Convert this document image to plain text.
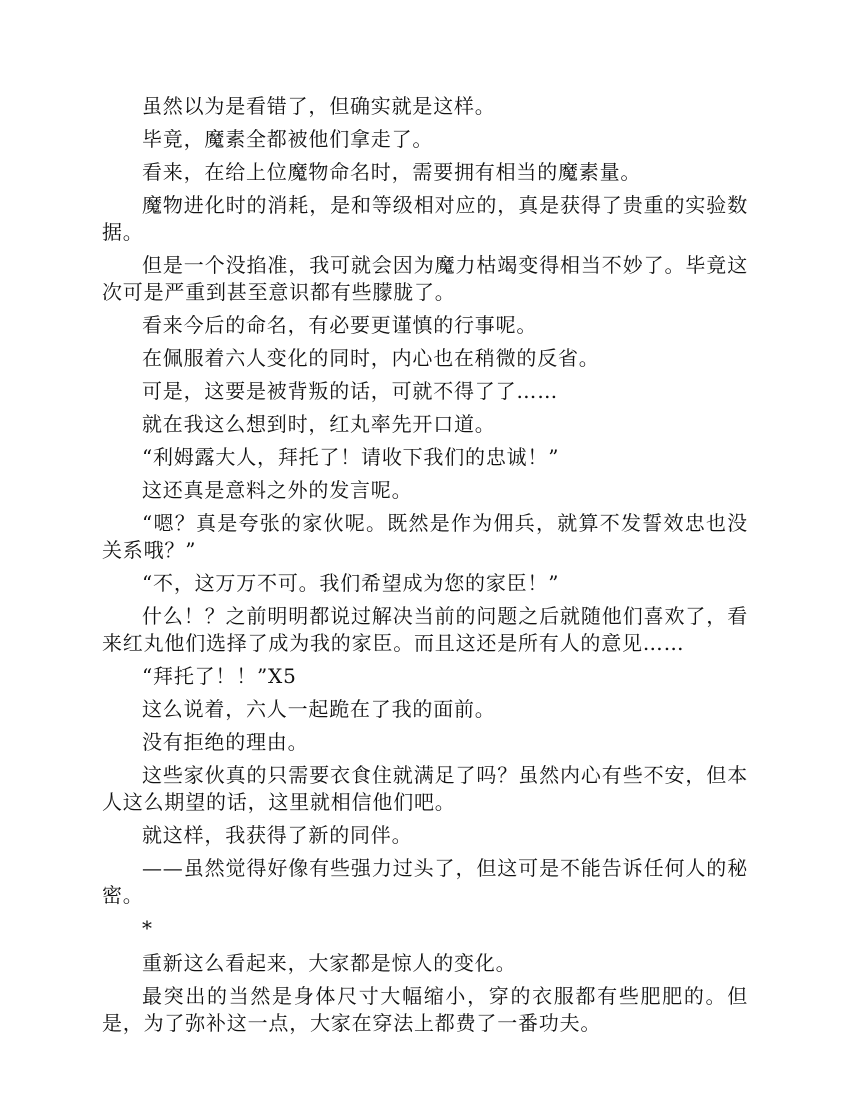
虽然以为是看错了，但确实就是这样。

毕竟，魔素全都被他们拿走了。

看来，在给上位魔物命名时，需要拥有相当的魔素量。

魔物进化时的消耗，是和等级相对应的，真是获得了贵重的实验数据。

但是一个没掐准，我可就会因为魔力枯竭变得相当不妙了。毕竟这次可是严重到甚至意识都有些朦胧了。

看来今后的命名，有必要更谨慎的行事呢。

在佩服着六人变化的同时，内心也在稍微的反省。

可是，这要是被背叛的话，可就不得了了……

就在我这么想到时，红丸率先开口道。

“利姆露大人，拜托了！请收下我们的忠诚！”

这还真是意料之外的发言呢。

“嗯？真是夸张的家伙呢。既然是作为佣兵，就算不发誓效忠也没关系哦？”

“不，这万万不可。我们希望成为您的家臣！”

什么！？之前明明都说过解决当前的问题之后就随他们喜欢了，看来红丸他们选择了成为我的家臣。而且这还是所有人的意见……

“拜托了！！”X5

这么说着，六人一起跪在了我的面前。

没有拒绝的理由。

这些家伙真的只需要衣食住就满足了吗？虽然内心有些不安，但本人这么期望的话，这里就相信他们吧。

就这样，我获得了新的同伴。

——虽然觉得好像有些强力过头了，但这可是不能告诉任何人的秘密。

*

重新这么看起来，大家都是惊人的变化。

最突出的当然是身体尺寸大幅缩小，穿的衣服都有些肥肥的。但是，为了弥补这一点，大家在穿法上都费了一番功夫。
